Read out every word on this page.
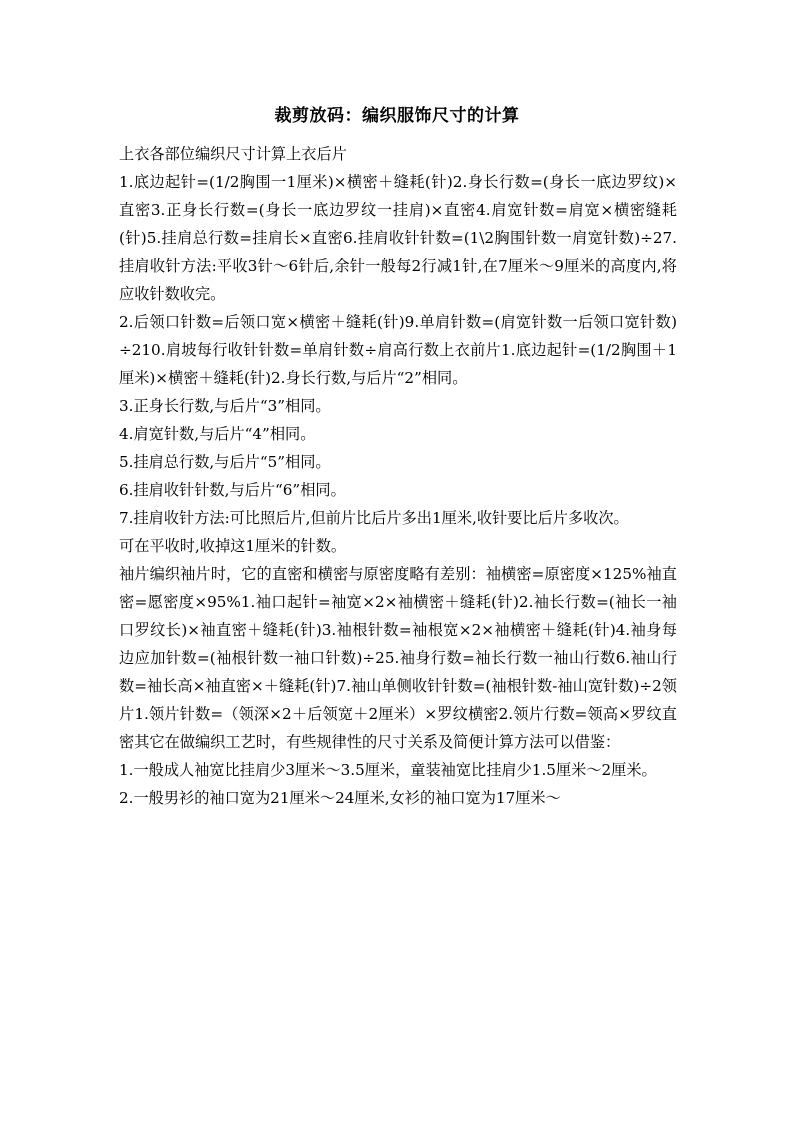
裁剪放码：编织服饰尺寸的计算

上衣各部位编织尺寸计算上衣后片

1.底边起针=(1/2胸围一1厘米)×横密＋缝耗(针)2.身长行数=(身长一底边罗纹)×直密3.正身长行数=(身长一底边罗纹一挂肩)×直密4.肩宽针数=肩宽×横密缝耗(针)5.挂肩总行数=挂肩长×直密6.挂肩收针针数=(1\2胸围针数一肩宽针数)÷27.挂肩收针方法:平收3针～6针后,余针一般每2行减1针,在7厘米～9厘米的高度内,将应收针数收完。

2.后领口针数=后领口宽×横密＋缝耗(针)9.单肩针数=(肩宽针数一后领口宽针数)÷210.肩坡每行收针针数=单肩针数÷肩高行数上衣前片1.底边起针=(1/2胸围＋1厘米)×横密＋缝耗(针)2.身长行数,与后片“2”相同。

3.正身长行数,与后片“3”相同。

4.肩宽针数,与后片“4”相同。

5.挂肩总行数,与后片“5”相同。

6.挂肩收针针数,与后片“6”相同。

7.挂肩收针方法:可比照后片,但前片比后片多出1厘米,收针要比后片多收次。

可在平收时,收掉这1厘米的针数。

袖片编织袖片时，它的直密和横密与原密度略有差别：袖横密=原密度×125%袖直密=愿密度×95%1.袖口起针=袖宽×2×袖横密＋缝耗(针)2.袖长行数=(袖长一袖口罗纹长)×袖直密＋缝耗(针)3.袖根针数=袖根宽×2×袖横密＋缝耗(针)4.袖身每边应加针数=(袖根针数一袖口针数)÷25.袖身行数=袖长行数一袖山行数6.袖山行数=袖长高×袖直密×＋缝耗(针)7.袖山单侧收针针数=(袖根针数-袖山宽针数)÷2领片1.领片针数=（领深×2＋后领宽＋2厘米）×罗纹横密2.领片行数=领高×罗纹直密其它在做编织工艺时，有些规律性的尺寸关系及简便计算方法可以借鉴：

1.一般成人袖宽比挂肩少3厘米～3.5厘米，童装袖宽比挂肩少1.5厘米～2厘米。

2.一般男衫的袖口宽为21厘米～24厘米,女衫的袖口宽为17厘米～
